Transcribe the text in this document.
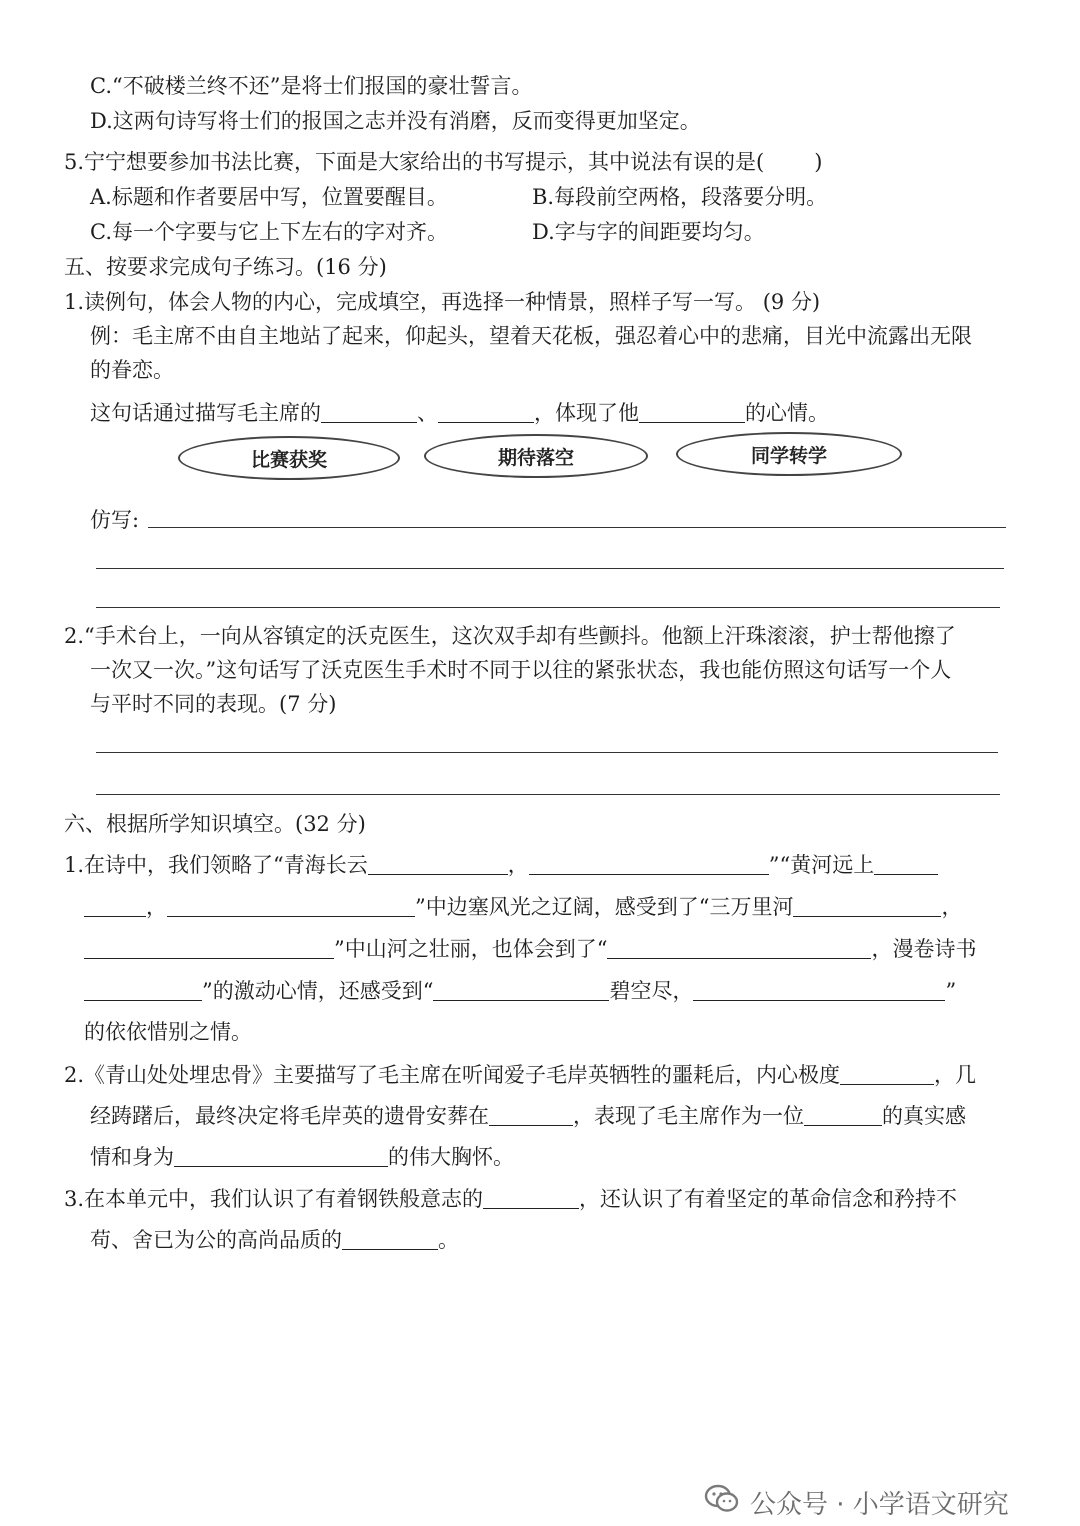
C.“不破楼兰终不还”是将士们报国的豪壮誓言。
D.这两句诗写将士们的报国之志并没有消磨，反而变得更加坚定。
5.宁宁想要参加书法比赛，下面是大家给出的书写提示，其中说法有误的是( )
A.标题和作者要居中写，位置要醒目。	B.每段前空两格，段落要分明。
C.每一个字要与它上下左右的字对齐。	D.字与字的间距要均匀。
五、按要求完成句子练习。(16 分)
1.读例句，体会人物的内心，完成填空，再选择一种情景，照样子写一写。 (9 分)
例：毛主席不由自主地站了起来，仰起头，望着天花板，强忍着心中的悲痛，目光中流露出无限
的眷恋。
这句话通过描写毛主席的	、	，体现了他	的心情。
比赛获奖	期待落空	同学转学
仿写:
2.“手术台上，一向从容镇定的沃克医生，这次双手却有些颤抖。他额上汗珠滚滚，护士帮他擦了
一次又一次。”这句话写了沃克医生手术时不同于以往的紧张状态，我也能仿照这句话写一个人
与平时不同的表现。(7 分)
六、根据所学知识填空。(32 分)
1.在诗中，我们领略了“青海长云	，	”“黄河远上
，	”中边塞风光之辽阔，感受到了“三万里河	，
”中山河之壮丽，也体会到了“	，漫卷诗书
”的激动心情，还感受到“	碧空尽，	”
的依依惜别之情。
2.《青山处处埋忠骨》主要描写了毛主席在听闻爱子毛岸英牺牲的噩耗后，内心极度	，几
经踌躇后，最终决定将毛岸英的遗骨安葬在	，表现了毛主席作为一位	的真实感
情和身为	的伟大胸怀。
3.在本单元中，我们认识了有着钢铁般意志的	，还认识了有着坚定的革命信念和矜持不
苟、舍已为公的高尚品质的	。
公众号 · 小学语文研究
